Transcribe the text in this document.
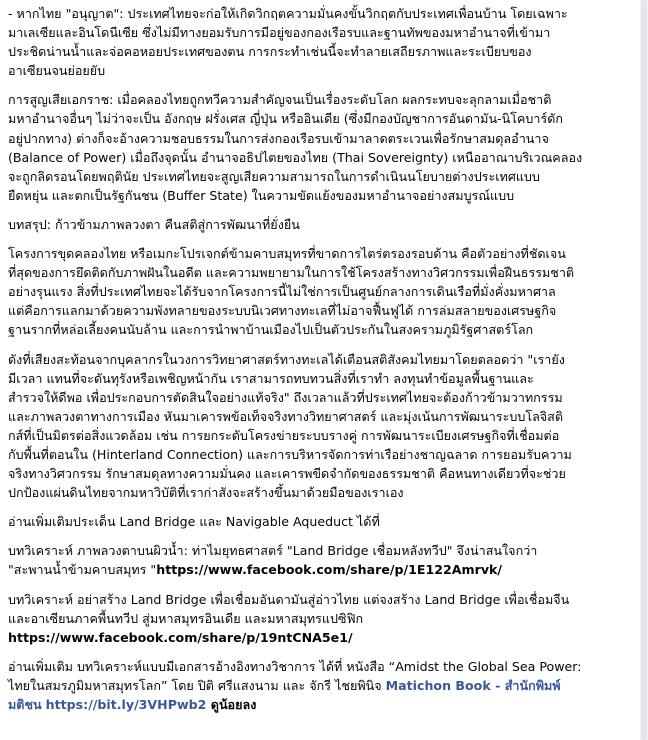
- หากไทย "อนุญาต": ประเทศไทยจะก่อให้เกิดวิกฤตความมั่นคงขั้นวิกฤตกับประเทศเพื่อนบ้าน โดยเฉพาะ
มาเลเซียและอินโดนีเซีย ซึ่งไม่มีทางยอมรับการมีอยู่ของกองเรือรบและฐานทัพของมหาอำนาจที่เข้ามา
ประชิดน่านน้ำและจ่อคอหอยประเทศของตน การกระทำเช่นนี้จะทำลายเสถียรภาพและระเบียบของ
อาเซียนจนย่อยยับ

การสูญเสียเอกราช: เมื่อคลองไทยถูกทวีความสำคัญจนเป็นเรื่องระดับโลก ผลกระทบจะลุกลามเมื่อชาติ
มหาอำนาจอื่นๆ ไม่ว่าจะเป็น อังกฤษ ฝรั่งเศส ญี่ปุ่น หรืออินเดีย (ซึ่งมีกองบัญชาการอันดามัน-นิโคบาร์ดัก
อยู่ปากทาง) ต่างก็จะอ้างความชอบธรรมในการส่งกองเรือรบเข้ามาลาดตระเวนเพื่อรักษาสมดุลอำนาจ
(Balance of Power) เมื่อถึงจุดนั้น อำนาจอธิปไตยของไทย (Thai Sovereignty) เหนืออาณาบริเวณคลอง
จะถูกลิดรอนโดยพฤตินัย ประเทศไทยจะสูญเสียความสามารถในการดำเนินนโยบายต่างประเทศแบบ
ยืดหยุ่น และตกเป็นรัฐกันชน (Buffer State) ในความขัดแย้งของมหาอำนาจอย่างสมบูรณ์แบบ

บทสรุป: ก้าวข้ามภาพลวงตา คืนสติสู่การพัฒนาที่ยั่งยืน

โครงการขุดคลองไทย หรือเมกะโปรเจกต์ข้ามคาบสมุทรที่ขาดการไตร่ตรองรอบด้าน คือตัวอย่างที่ชัดเจน
ที่สุดของการยึดติดกับภาพฝันในอดีต และความพยายามในการใช้โครงสร้างทางวิศวกรรมเพื่อฝืนธรรมชาติ
อย่างรุนแรง สิ่งที่ประเทศไทยจะได้รับจากโครงการนี้ไม่ใช่การเป็นศูนย์กลางการเดินเรือที่มั่งคั่งมหาศาล
แต่คือการแลกมาด้วยความพังทลายของระบบนิเวศทางทะเลที่ไม่อาจฟื้นฟูได้ การล่มสลายของเศรษฐกิจ
ฐานรากที่หล่อเลี้ยงคนนับล้าน และการนำพาบ้านเมืองไปเป็นตัวประกันในสงครามภูมิรัฐศาสตร์โลก

ดังที่เสียงสะท้อนจากบุคลากรในวงการวิทยาศาสตร์ทางทะเลได้เตือนสติสังคมไทยมาโดยตลอดว่า "เรายัง
มีเวลา แทนที่จะดันทุรังหรือเพชิญหน้ากัน เราสามารถทบทวนสิ่งที่เราทำ ลงทุนทำข้อมูลพื้นฐานและ
สำรวจให้ดีพอ เพื่อประกอบการตัดสินใจอย่างแท้จริง" ถึงเวลาแล้วที่ประเทศไทยจะต้องก้าวข้ามวาทกรรม
และภาพลวงตาทางการเมือง หันมาเคารพข้อเท็จจริงทางวิทยาศาสตร์ และมุ่งเน้นการพัฒนาระบบโลจิสติ
กส์ที่เป็นมิตรต่อสิ่งแวดล้อม เช่น การยกระดับโครงข่ายระบบรางคู่ การพัฒนาระเบียงเศรษฐกิจที่เชื่อมต่อ
กับพื้นที่ตอนใน (Hinterland Connection) และการบริหารจัดการท่าเรือย่างชาญฉลาด การยอมรับความ
จริงทางวิศวกรรม รักษาสมดุลทางความมั่นคง และเคารพขีดจำกัดของธรรมชาติ คือหนทางเดียวที่จะช่วย
ปกป้องแผ่นดินไทยจากมหาวิบัติที่เราก่าสังจะสร้างขึ้นมาด้วยมือของเราเอง

อ่านเพิ่มเติมประเด็น Land Bridge และ Navigable Aqueduct ได้ที่

บทวิเคราะห์ ภาพลวงตาบนผิวน้ำ: ท่าไมยุทธศาสตร์ "Land Bridge เชื่อมหลังทวีป" จึงน่าสนใจกว่า
"สะพานน้ำข้ามคาบสมุทร "https://www.facebook.com/share/p/1E122Amrvk/

บทวิเคราะห์ อย่าสร้าง Land Bridge เพื่อเชื่อมอันดามันสู่อ่าวไทย แต่จงสร้าง Land Bridge เพื่อเชื่อมจีน
และอาเซียนภาคพื้นทวีป สู่มหาสมุทรอินเดีย และมหาสมุทรแปซิฟิก
https://www.facebook.com/share/p/19ntCNA5e1/

อ่านเพิ่มเติม บทวิเคราะห์แบบมีเอกสารอ้างอิงทางวิชาการ ได้ที่ หนังสือ “Amidst the Global Sea Power:
ไทยในสมรภูมิมหาสมุทรโลก” โดย ปิติ ศรีแสงนาม และ จักรี ไชยพินิจ Matichon Book - สำนักพิมพ์
มติชน https://bit.ly/3VHPwb2 ดูน้อยลง
